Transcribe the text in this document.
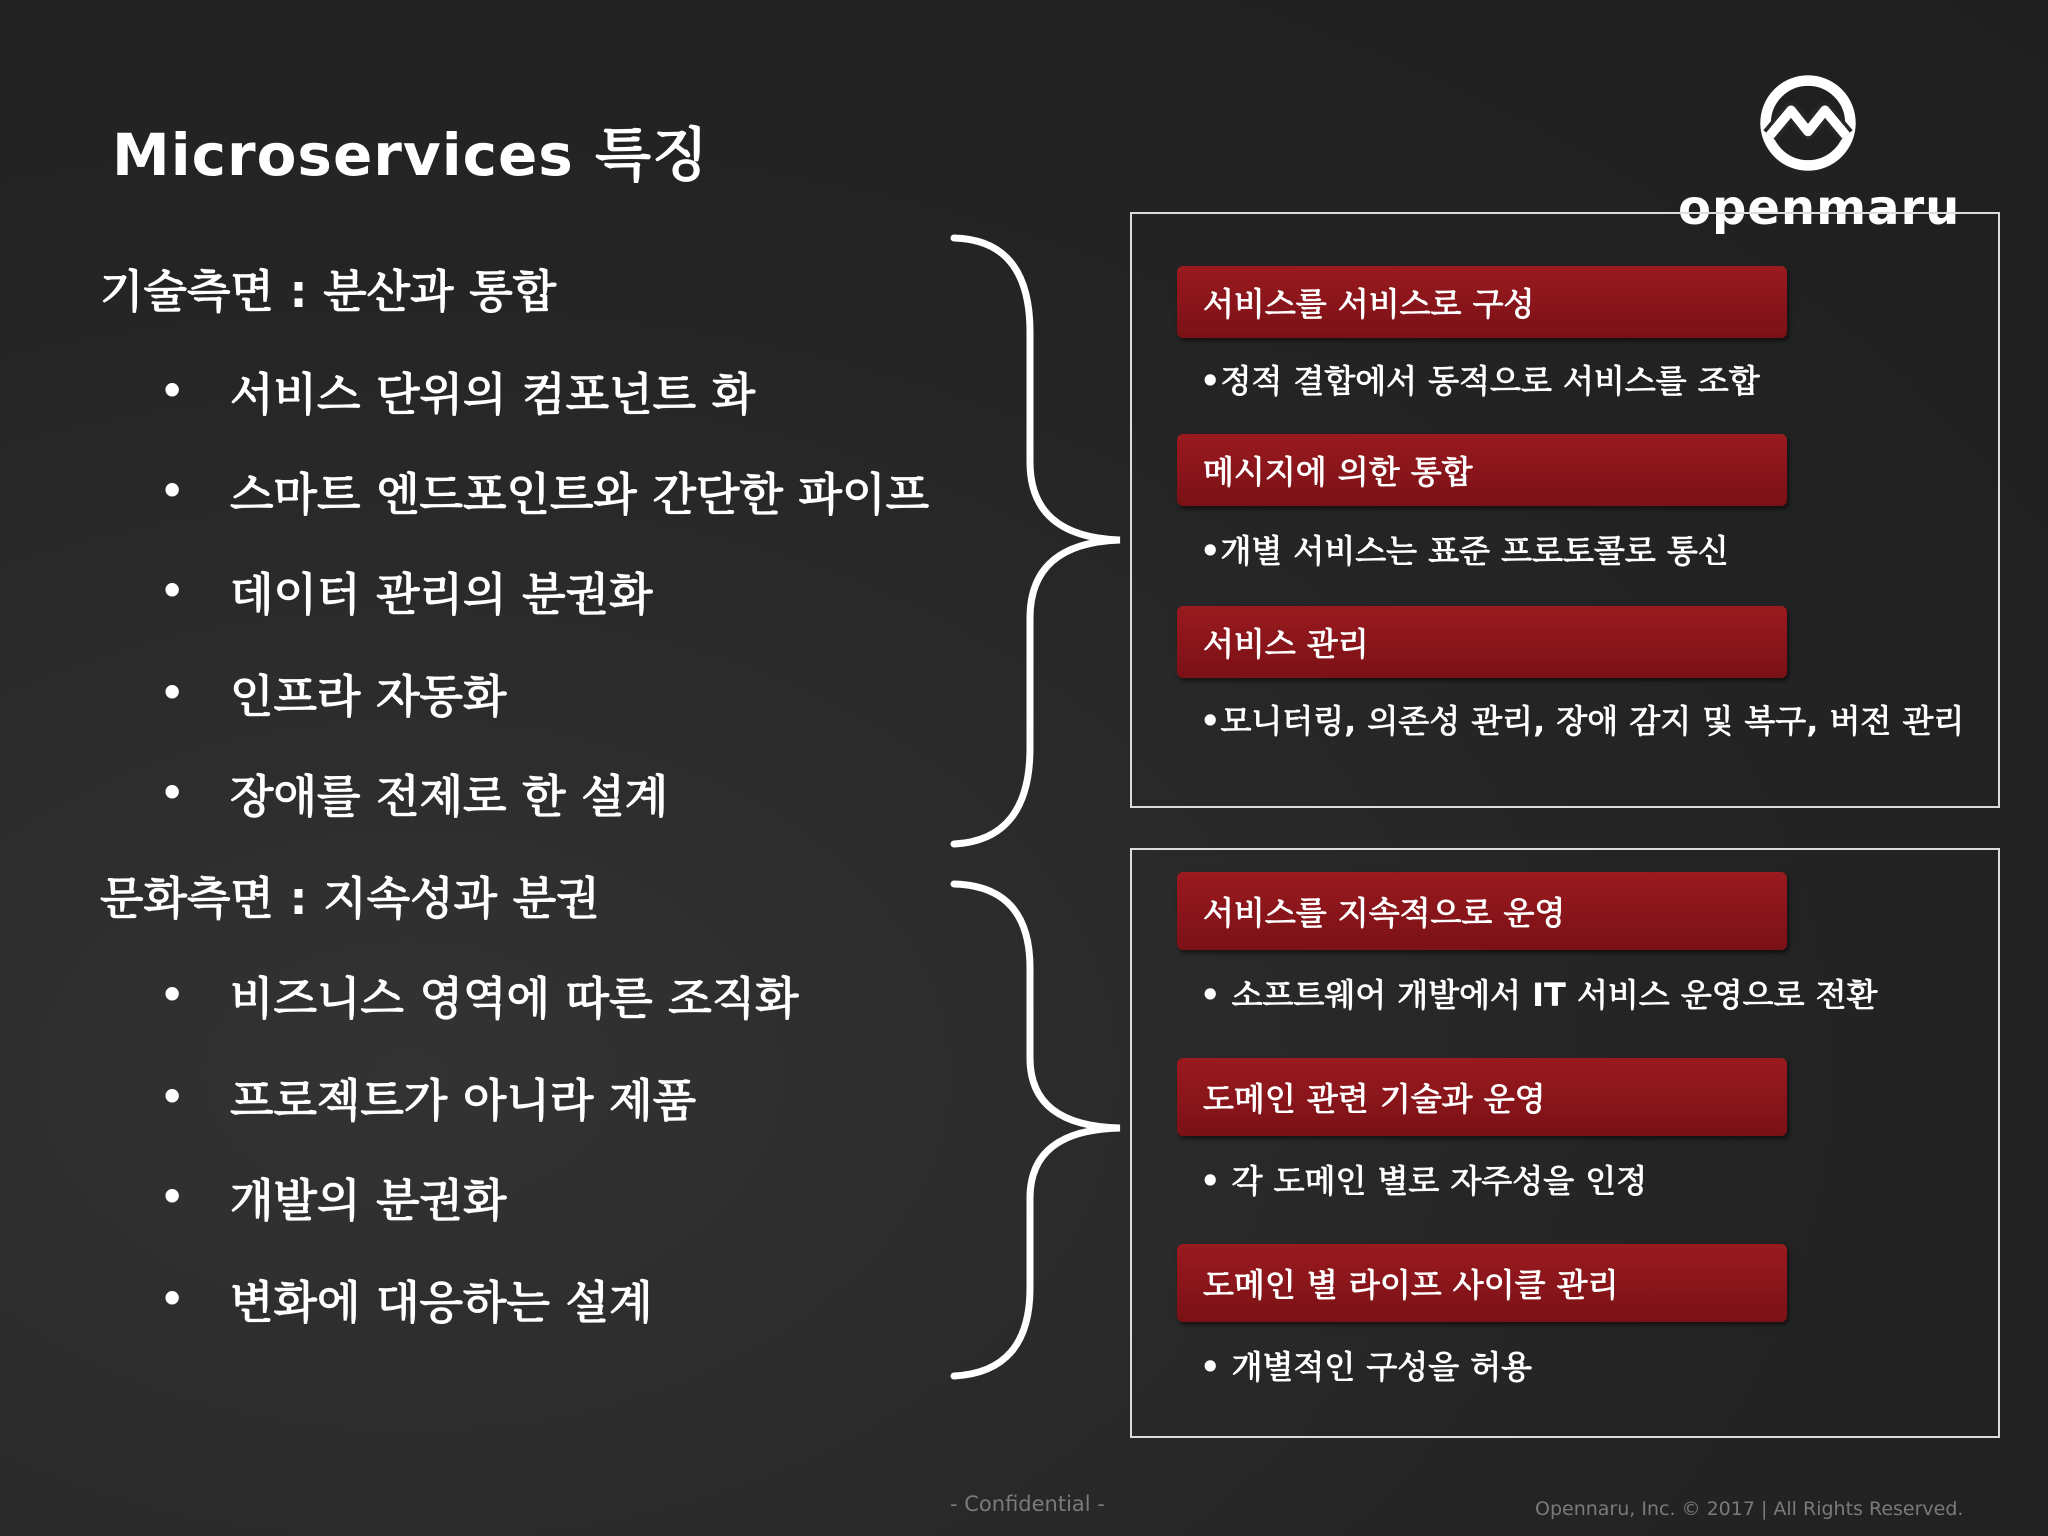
Microservices 특징
openmaru
기술측면 : 분산과 통합
•	서비스 단위의 컴포넌트 화
•	스마트 엔드포인트와 간단한 파이프
•	데이터 관리의 분권화
•	인프라 자동화
•	장애를 전제로 한 설계
문화측면 : 지속성과 분권
•	비즈니스 영역에 따른 조직화
•	프로젝트가 아니라 제품
•	개발의 분권화
•	변화에 대응하는 설계
서비스를 서비스로 구성
•정적 결합에서 동적으로 서비스를 조합
메시지에 의한 통합
•개별 서비스는 표준 프로토콜로 통신
서비스 관리
•모니터링, 의존성 관리, 장애 감지 및 복구, 버전 관리
서비스를 지속적으로 운영
• 소프트웨어 개발에서 IT 서비스 운영으로 전환
도메인 관련 기술과 운영
• 각 도메인 별로 자주성을 인정
도메인 별 라이프 사이클 관리
• 개별적인 구성을 허용
- Confidential -	Opennaru, Inc. © 2017 | All Rights Reserved.
